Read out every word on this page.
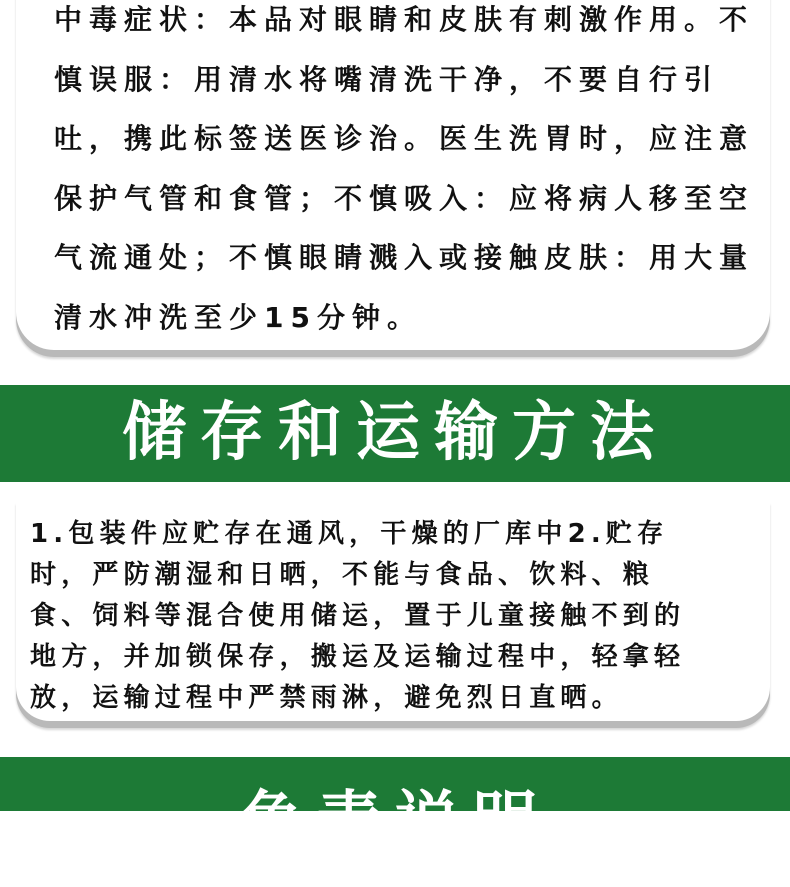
中毒症状：本品对眼睛和皮肤有刺激作用。不
慎误服：用清水将嘴清洗干净，不要自行引
吐，携此标签送医诊治。医生洗胃时，应注意
保护气管和食管；不慎吸入：应将病人移至空
气流通处；不慎眼睛溅入或接触皮肤：用大量
清水冲洗至少15分钟。
储存和运输方法
1.包装件应贮存在通风，干燥的厂库中2.贮存
时，严防潮湿和日晒，不能与食品、饮料、粮
食、饲料等混合使用储运，置于儿童接触不到的
地方，并加锁保存，搬运及运输过程中，轻拿轻
放，运输过程中严禁雨淋，避免烈日直晒。
免责说明
